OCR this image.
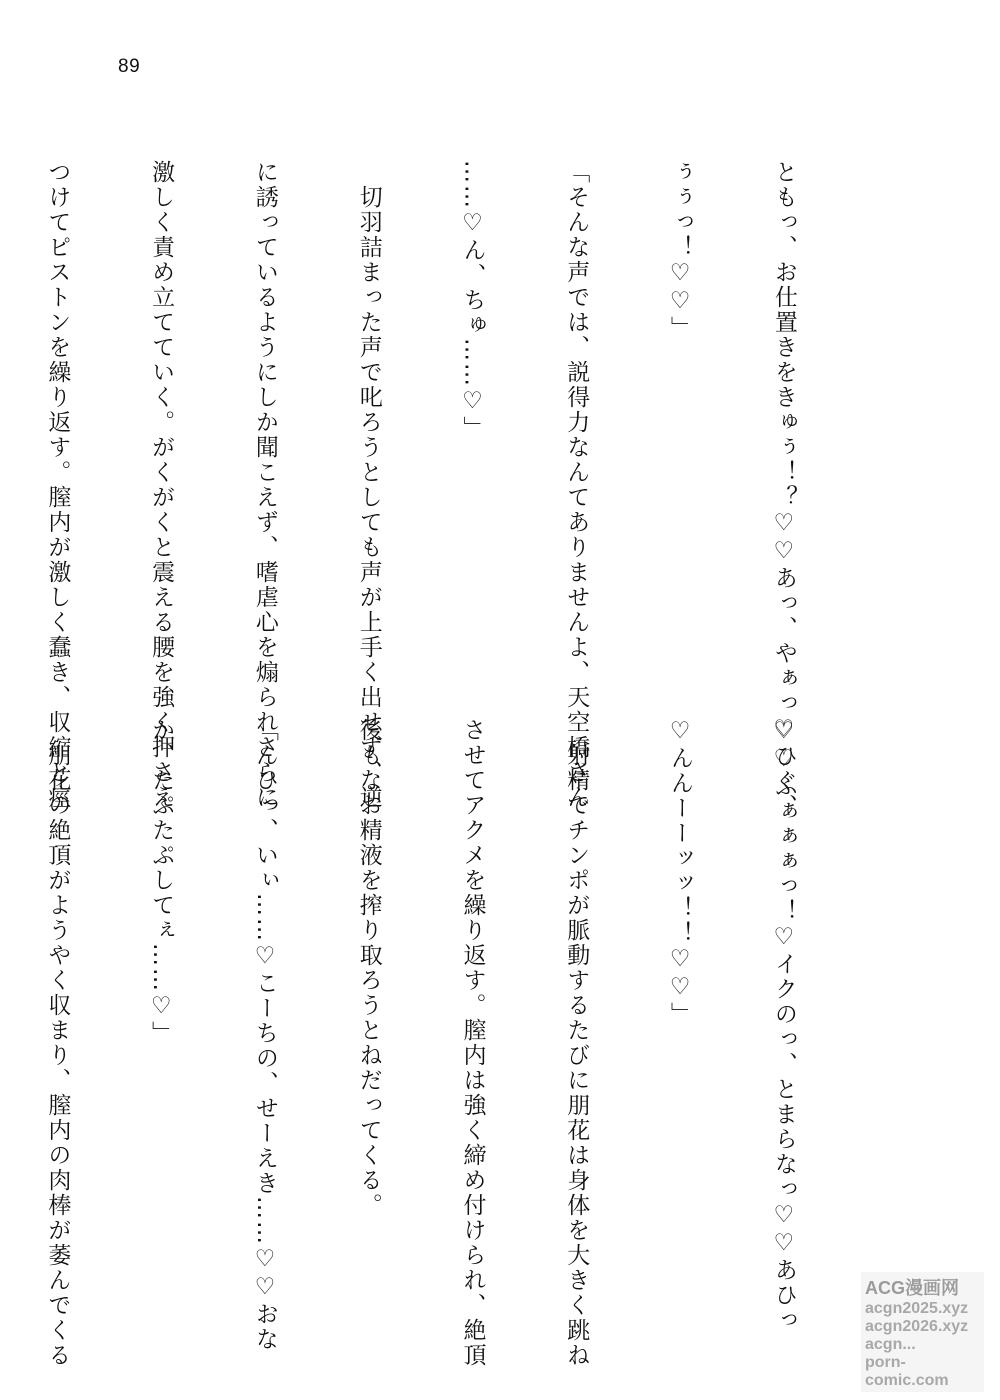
89

ともっ、お仕置きをきゅぅ！？♡♡あっ、やぁっ♡ひぐ、

ぅぅっ！♡♡」

「そんな声では、説得力なんてありませんよ、天空橋さん

……♡ん、ちゅ……♡」

　切羽詰まった声で叱ろうとしても声が上手く出せず、逆

に誘っているようにしか聞こえず、嗜虐心を煽られさらに

激しく責め立てていく。がくがくと震える腰を強く押さえ

つけてピストンを繰り返す。膣内が激しく蠢き、収縮と痙

♡♡ふぁぁぁっ！♡イクのっ、とまらなっ♡♡あひっ

♡んんーーッッ！！♡♡」

　射精でチンポが脈動するたびに朋花は身体を大きく跳ね

させてアクメを繰り返す。膣内は強く締め付けられ、絶頂

後もなお精液を搾り取ろうとねだってくる。

「んひっ、いぃ……♡こーちの、せーえき……♡♡おな

か、たぷたぷしてぇ……♡」

　朋花の絶頂がようやく収まり、膣内の肉棒が萎んでくる

	ACG漫画网
acgn2025.xyz
acgn2026.xyz
acgn...
porn-comic.com
